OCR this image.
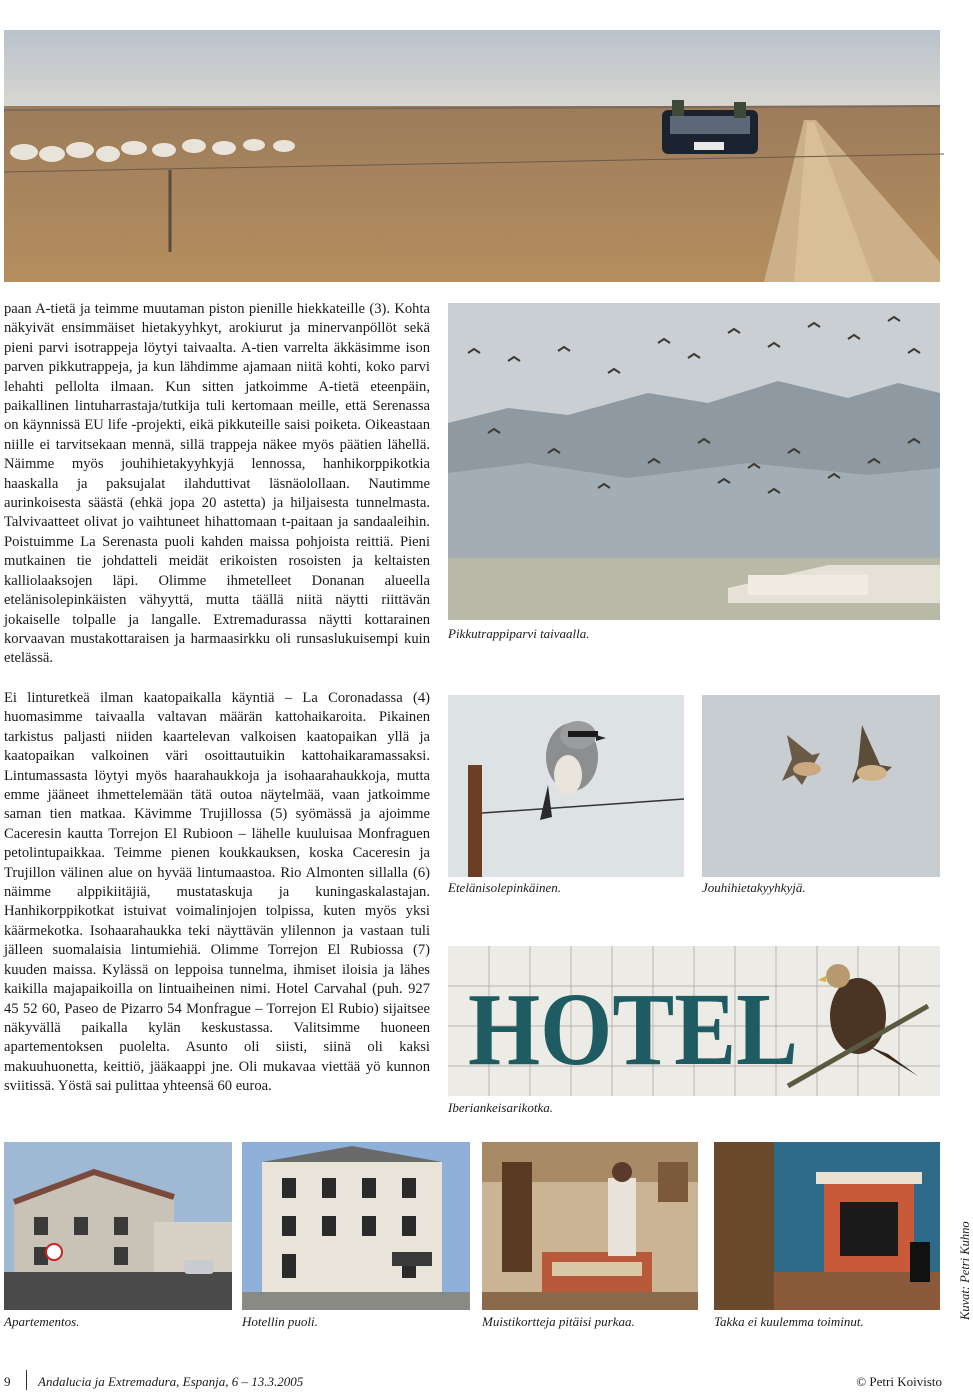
paan A-tietä ja teimme muutaman piston pienille hiekkateille (3). Kohta näkyivät ensimmäiset hietakyyhkyt, arokiurut ja minervanpöllöt sekä pieni parvi isotrappeja löytyi taivaalta. A-tien varrelta äkkäsimme ison parven pikkutrappeja, ja kun lähdimme ajamaan niitä kohti, koko parvi lehahti pellolta ilmaan. Kun sitten jatkoimme A-tietä eteenpäin, paikallinen lintuharrastaja/tutkija tuli kertomaan meille, että Serenassa on käynnissä EU life -projekti, eikä pikkuteille saisi poiketa. Oikeastaan niille ei tarvitsekaan mennä, sillä trappeja näkee myös päätien lähellä. Näimme myös jouhihietakyyhkyjä lennossa, hanhikorppikotkia haaskalla ja paksujalat ilahduttivat läsnäolollaan. Nautimme aurinkoisesta säästä (ehkä jopa 20 astetta) ja hiljaisesta tunnelmasta. Talvivaatteet olivat jo vaihtuneet hihattomaan t-paitaan ja sandaaleihin. Poistuimme La Serenasta puoli kahden maissa pohjoista reittiä. Pieni mutkainen tie johdatteli meidät erikoisten rosoisten ja keltaisten kalliolaaksojen läpi. Olimme ihmetelleet Donanan alueella etelänisolepinkäisten vähyyttä, mutta täällä niitä näytti riittävän jokaiselle tolpalle ja langalle. Extremadurassa näytti kottarainen korvaavan mustakottaraisen ja harmaasirkku oli runsaslukuisempi kuin etelässä.

Pikkutrappiparvi taivaalla.

Ei linturetkeä ilman kaatopaikalla käyntiä – La Coronadassa (4) huomasimme taivaalla valtavan määrän kattohaikaroita. Pikainen tarkistus paljasti niiden kaartelevan valkoisen kaatopaikan yllä ja kaatopaikan valkoinen väri osoittautuikin kattohaikaramassaksi. Lintumassasta löytyi myös haarahaukkoja ja isohaarahaukkoja, mutta emme jääneet ihmettelemään tätä outoa näytelmää, vaan jatkoimme saman tien matkaa. Kävimme Trujillossa (5) syömässä ja ajoimme Caceresin kautta Torrejon El Rubioon – lähelle kuuluisaa Monfraguen petolintupaikkaa. Teimme pienen koukkauksen, koska Caceresin ja Trujillon välinen alue on hyvää lintumaastoa. Rio Almonten sillalla (6) näimme alppikiitäjiä, mustataskuja ja kuningaskalastajan. Hanhikorppikotkat istuivat voimalinjojen tolpissa, kuten myös yksi käärmekotka. Isohaarahaukka teki näyttävän ylilennon ja vastaan tuli jälleen suomalaisia lintumiehiä. Olimme Torrejon El Rubiossa (7) kuuden maissa. Kylässä on leppoisa tunnelma, ihmiset iloisia ja lähes kaikilla majapaikoilla on lintuaiheinen nimi. Hotel Carvahal (puh. 927 45 52 60, Paseo de Pizarro 54 Monfrague – Torrejon El Rubio) sijaitsee näkyvällä paikalla kylän keskustassa. Valitsimme huoneen apartementoksen puolelta. Asunto oli siisti, siinä oli kaksi makuuhuonetta, keittiö, jääkaappi jne. Oli mukavaa viettää yö kunnon sviitissä. Yöstä sai pulittaa yhteensä 60 euroa.

Etelänisolepinkäinen.	Jouhihietakyyhkyjä.
HOTEL
Iberiankeisarikotka.
Apartementos.	Hotellin puoli.	Muistikortteja pitäisi purkaa.	Takka ei kuulemma toiminut.
Kuvat: Petri Kuhno
9 Andalucia ja Extremadura, Espanja, 6 – 13.3.2005	© Petri Koivisto
